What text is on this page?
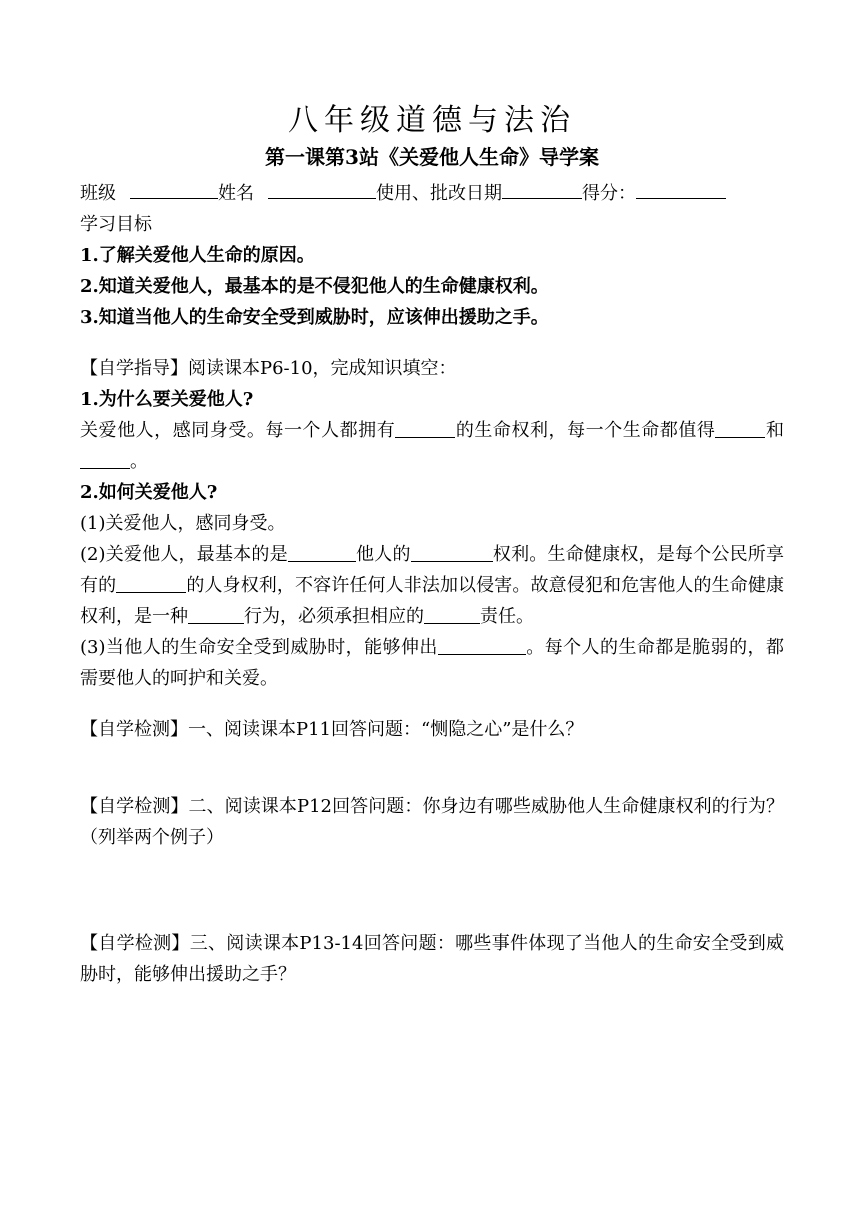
八年级道德与法治
第一课第3站《关爱他人生命》导学案
班级	姓名	使用、批改日期	得分：

学习目标

1.了解关爱他人生命的原因。

2.知道关爱他人，最基本的是不侵犯他人的生命健康权利。

3.知道当他人的生命安全受到威胁时，应该伸出援助之手。

【自学指导】阅读课本P6-10，完成知识填空：

1.为什么要关爱他人?

关爱他人，感同身受。每一个人都拥有	的生命权利，每一个生命都值得	和。

2.如何关爱他人?

(1)关爱他人，感同身受。

(2)关爱他人，最基本的是	他人的	权利。生命健康权，是每个公民所享有的	的人身权利，不容许任何人非法加以侵害。故意侵犯和危害他人的生命健康权利，是一种	行为，必须承担相应的	责任。

(3)当他人的生命安全受到威胁时，能够伸出	。每个人的生命都是脆弱的，都需要他人的呵护和关爱。

【自学检测】一、阅读课本P11回答问题：“恻隐之心”是什么？

【自学检测】二、阅读课本P12回答问题：你身边有哪些威胁他人生命健康权利的行为？（列举两个例子）

【自学检测】三、阅读课本P13-14回答问题：哪些事件体现了当他人的生命安全受到威胁时，能够伸出援助之手？
